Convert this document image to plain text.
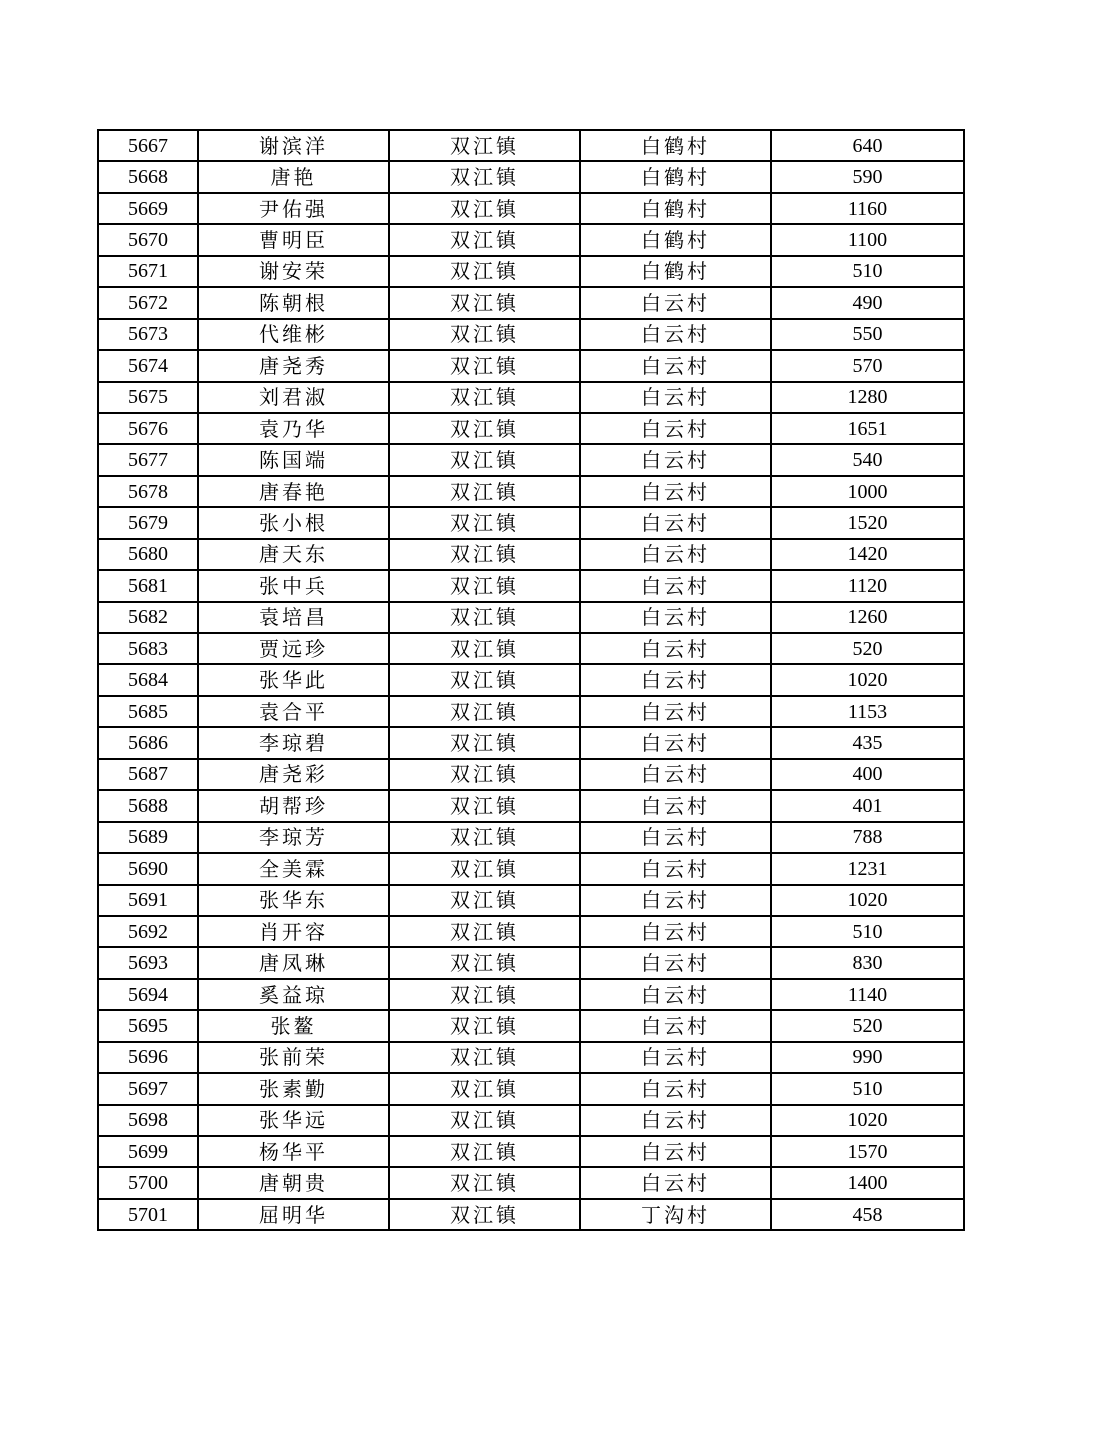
5667	谢滨洋	双江镇	白鹤村	640
5668	唐艳	双江镇	白鹤村	590
5669	尹佑强	双江镇	白鹤村	1160
5670	曹明臣	双江镇	白鹤村	1100
5671	谢安荣	双江镇	白鹤村	510
5672	陈朝根	双江镇	白云村	490
5673	代维彬	双江镇	白云村	550
5674	唐尧秀	双江镇	白云村	570
5675	刘君淑	双江镇	白云村	1280
5676	袁乃华	双江镇	白云村	1651
5677	陈国端	双江镇	白云村	540
5678	唐春艳	双江镇	白云村	1000
5679	张小根	双江镇	白云村	1520
5680	唐天东	双江镇	白云村	1420
5681	张中兵	双江镇	白云村	1120
5682	袁培昌	双江镇	白云村	1260
5683	贾远珍	双江镇	白云村	520
5684	张华此	双江镇	白云村	1020
5685	袁合平	双江镇	白云村	1153
5686	李琼碧	双江镇	白云村	435
5687	唐尧彩	双江镇	白云村	400
5688	胡帮珍	双江镇	白云村	401
5689	李琼芳	双江镇	白云村	788
5690	全美霖	双江镇	白云村	1231
5691	张华东	双江镇	白云村	1020
5692	肖开容	双江镇	白云村	510
5693	唐凤琳	双江镇	白云村	830
5694	奚益琼	双江镇	白云村	1140
5695	张鳌	双江镇	白云村	520
5696	张前荣	双江镇	白云村	990
5697	张素勤	双江镇	白云村	510
5698	张华远	双江镇	白云村	1020
5699	杨华平	双江镇	白云村	1570
5700	唐朝贵	双江镇	白云村	1400
5701	屈明华	双江镇	丁沟村	458
